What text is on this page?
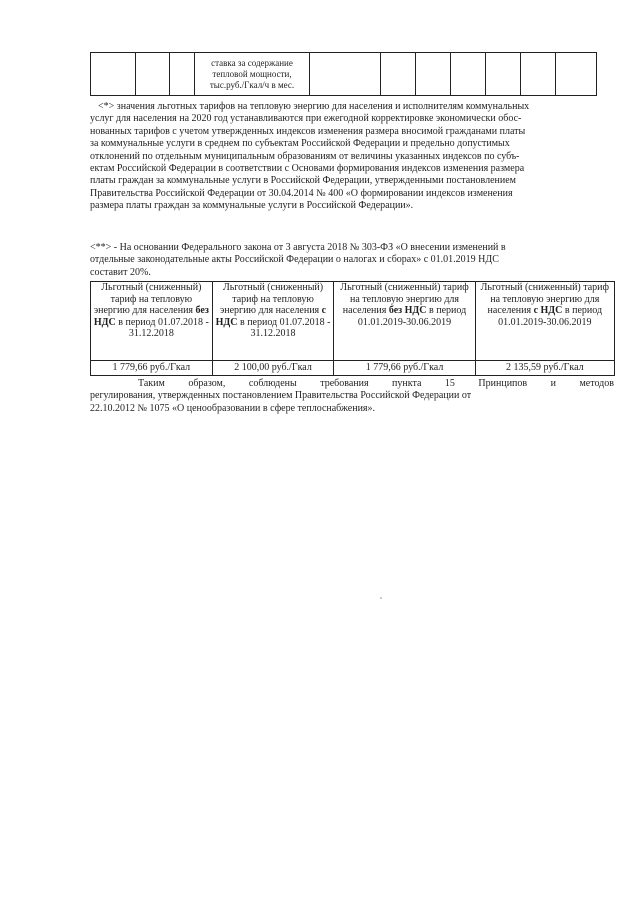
ставка за содержание
тепловой мощности,
тыс.руб./Гкал/ч в мес.

<*> значения льготных тарифов на тепловую энергию для населения и исполнителям коммунальных
услуг для населения на 2020 год устанавливаются при ежегодной корректировке экономически обос-
нованных тарифов с учетом утвержденных индексов изменения размера вносимой гражданами платы
за коммунальные услуги в среднем по субъектам Российской Федерации и предельно допустимых
отклонений по отдельным муниципальным образованиям от величины указанных индексов по субъ-
ектам Российской Федерации в соответствии с Основами формирования индексов изменения размера
платы граждан за коммунальные услуги в Российской Федерации, утвержденными постановлением
Правительства Российской Федерации от 30.04.2014 № 400 «О формировании индексов изменения
размера платы граждан за коммунальные услуги в Российской Федерации».
<**> - На основании Федерального закона от 3 августа 2018 № 303-ФЗ «О внесении изменений в
отдельные законодательные акты Российской Федерации о налогах и сборах» с 01.01.2019 НДС
составит 20%.
Льготный (сниженный) тариф на тепловую энергию для населения без НДС в период 01.07.2018 - 31.12.2018	Льготный (сниженный) тариф на тепловую энергию для населения с НДС в период 01.07.2018 - 31.12.2018	Льготный (сниженный) тариф на тепловую энергию для населения без НДС в период 01.01.2019-30.06.2019	Льготный (сниженный) тариф на тепловую энергию для населения с НДС в период 01.01.2019-30.06.2019
1 779,66 руб./Гкал	2 100,00 руб./Гкал	1 779,66 руб./Гкал	2 135,59 руб./Гкал
Таким образом, соблюдены требования пункта 15 Принципов и методов
регулирования, утвержденных постановлением Правительства Российской Федерации от
22.10.2012 № 1075 «О ценообразовании в сфере теплоснабжения».
